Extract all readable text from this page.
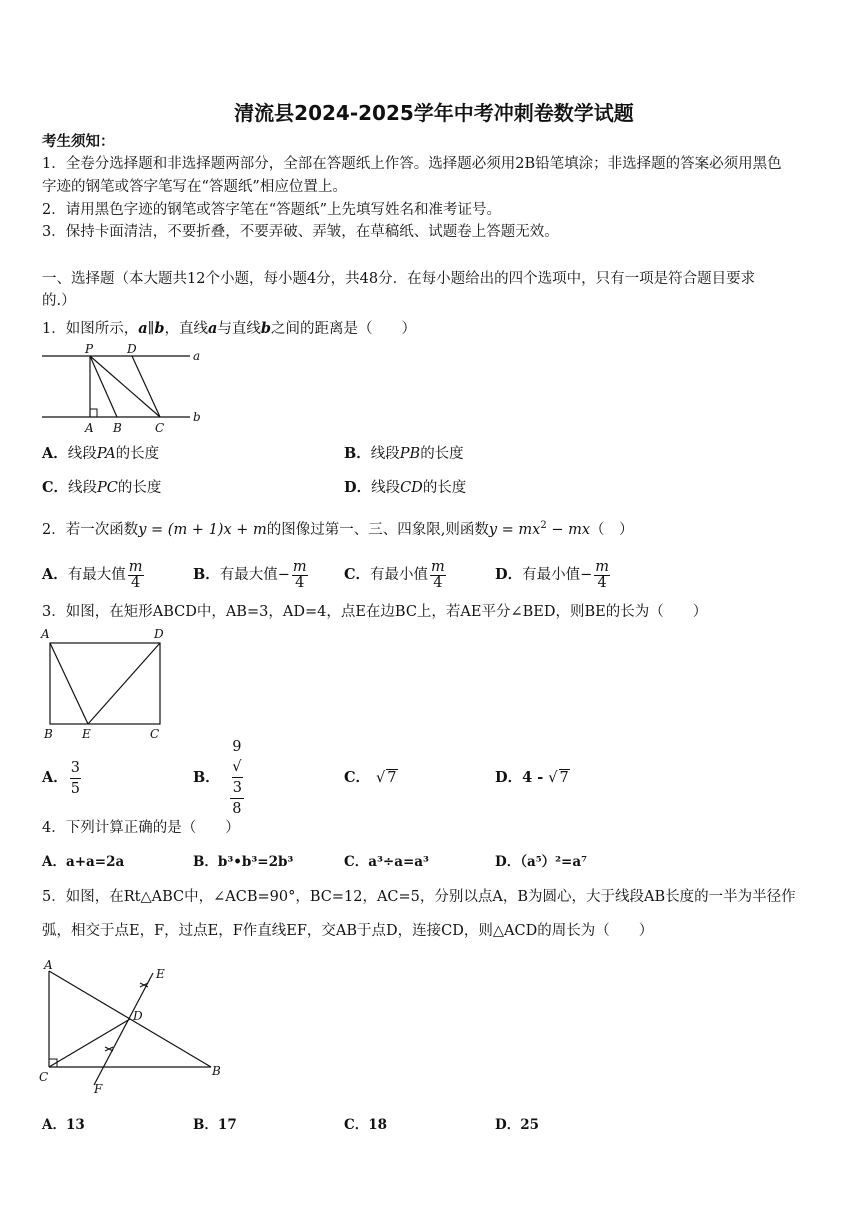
清流县2024-2025学年中考冲刺卷数学试题
考生须知：
1．全卷分选择题和非选择题两部分，全部在答题纸上作答。选择题必须用2B铅笔填涂；非选择题的答案必须用黑色
字迹的钢笔或答字笔写在“答题纸”相应位置上。
2．请用黑色字迹的钢笔或答字笔在“答题纸”上先填写姓名和准考证号。
3．保持卡面清洁，不要折叠，不要弄破、弄皱，在草稿纸、试题卷上答题无效。
一、选择题（本大题共12个小题，每小题4分，共48分．在每小题给出的四个选项中，只有一项是符合题目要求
的.）
1．如图所示，a∥b，直线a与直线b之间的距离是（　　）
P	D	a
b
A B	C
A．线段PA的长度	B．线段PB的长度
C．线段PC的长度	D．线段CD的长度
2．若一次函数y = (m + 1)x + m的图像过第一、三、四象限,则函数$y = mx^2 - mx$（　）
A． 有最大值 $\frac{m}{4}$	B． 有最大值 − $\frac{m}{4}$	C． 有最小值 $\frac{m}{4}$	D． 有最小值 − $\frac{m}{4}$
3．如图，在矩形ABCD中，AB=3，AD=4，点E在边BC上，若AE平分∠BED，则BE的长为（　　）
A	D
B E	C
A． $\frac{3}{5}$	B． 9
√
3
8	C． √ 7	D． 4 - √ 7
4．下列计算正确的是（　　）
A．a+a=2a	B．b³•b³=2b³	C．a³÷a=a³	D．（a⁵）²=a⁷
5．如图，在Rt△ABC中，∠ACB=90°，BC=12，AC=5，分别以点A，B为圆心，大于线段AB长度的一半为半径作
弧，相交于点E，F，过点E，F作直线EF，交AB于点D，连接CD，则△ACD的周长为（　　）
A
E
D
C
F
B
A．13	B．17	C．18	D．25
